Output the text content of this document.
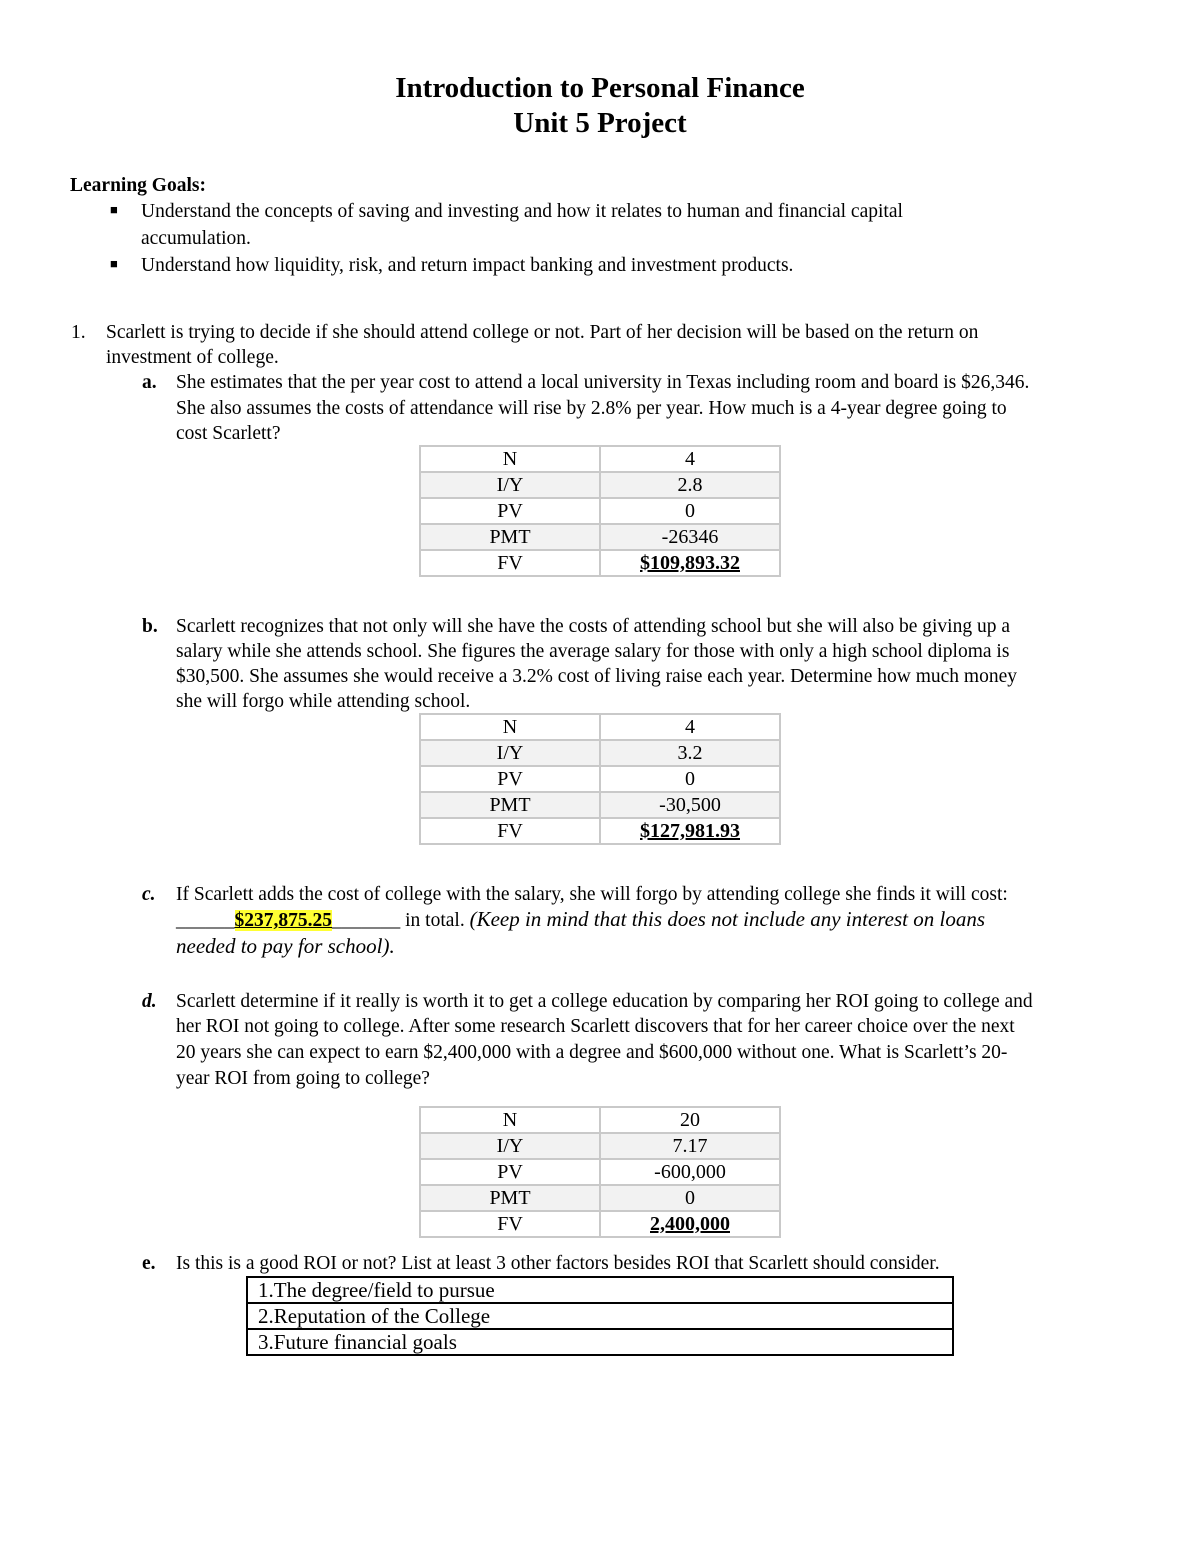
Introduction to Personal Finance
Unit 5 Project
Learning Goals:
■ Understand the concepts of saving and investing and how it relates to human and financial capital
accumulation.
■ Understand how liquidity, risk, and return impact banking and investment products.
1. Scarlett is trying to decide if she should attend college or not. Part of her decision will be based on the return on
investment of college.
a. She estimates that the per year cost to attend a local university in Texas including room and board is $26,346.
She also assumes the costs of attendance will rise by 2.8% per year. How much is a 4-year degree going to
cost Scarlett?
N	4
I/Y	2.8
PV	0
PMT	-26346
FV	$109,893.32
b. Scarlett recognizes that not only will she have the costs of attending school but she will also be giving up a
salary while she attends school. She figures the average salary for those with only a high school diploma is
$30,500. She assumes she would receive a 3.2% cost of living raise each year. Determine how much money
she will forgo while attending school.
N	4
I/Y	3.2
PV	0
PMT	-30,500
FV	$127,981.93
c. If Scarlett adds the cost of college with the salary, she will forgo by attending college she finds it will cost:
______$237,875.25_______ in total. (Keep in mind that this does not include any interest on loans
needed to pay for school).
d. Scarlett determine if it really is worth it to get a college education by comparing her ROI going to college and
her ROI not going to college. After some research Scarlett discovers that for her career choice over the next
20 years she can expect to earn $2,400,000 with a degree and $600,000 without one. What is Scarlett’s 20-
year ROI from going to college?
N	20
I/Y	7.17
PV	-600,000
PMT	0
FV	2,400,000
e. Is this is a good ROI or not? List at least 3 other factors besides ROI that Scarlett should consider.
1.The degree/field to pursue
2.Reputation of the College
3.Future financial goals
